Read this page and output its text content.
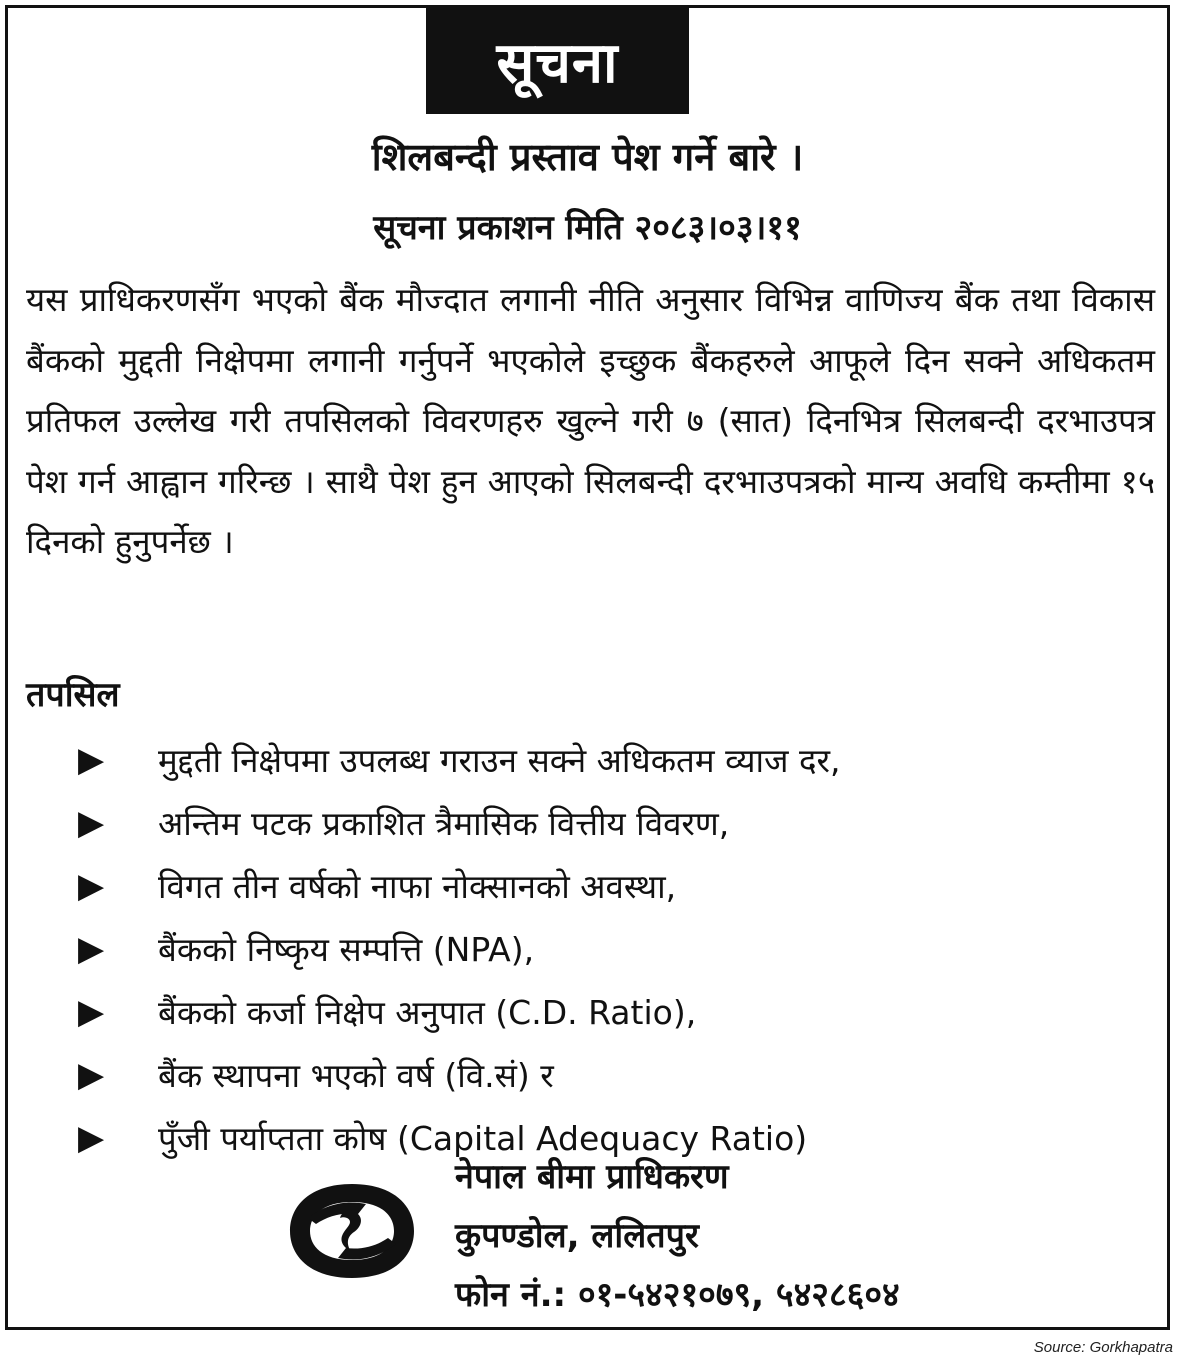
सूचना
शिलबन्दी प्रस्ताव पेश गर्ने बारे ।
सूचना प्रकाशन मिति २०८३।०३।११
यस प्राधिकरणसँग भएको बैंक मौज्दात लगानी नीति अनुसार विभिन्न वाणिज्य बैंक तथा विकास बैंकको मुद्दती निक्षेपमा लगानी गर्नुपर्ने भएकोले इच्छुक बैंकहरुले आफूले दिन सक्ने अधिकतम प्रतिफल उल्लेख गरी तपसिलको विवरणहरु खुल्ने गरी ७ (सात) दिनभित्र सिलबन्दी दरभाउपत्र पेश गर्न आह्वान गरिन्छ । साथै पेश हुन आएको सिलबन्दी दरभाउपत्रको मान्य अवधि कम्तीमा १५ दिनको हुनुपर्नेछ ।
तपसिल
▶	मुद्दती निक्षेपमा उपलब्ध गराउन सक्ने अधिकतम व्याज दर,
▶	अन्तिम पटक प्रकाशित त्रैमासिक वित्तीय विवरण,
▶	विगत तीन वर्षको नाफा नोक्सानको अवस्था,
▶	बैंकको निष्कृय सम्पत्ति (NPA),
▶	बैंकको कर्जा निक्षेप अनुपात (C.D. Ratio),
▶	बैंक स्थापना भएको वर्ष (वि.सं) र
▶	पुँजी पर्याप्तता कोष (Capital Adequacy Ratio)
नेपाल बीमा प्राधिकरण
कुपण्डोल, ललितपुर
फोन नं.: ०१-५४२१०७९, ५४२८६०४
Source: Gorkhapatra
